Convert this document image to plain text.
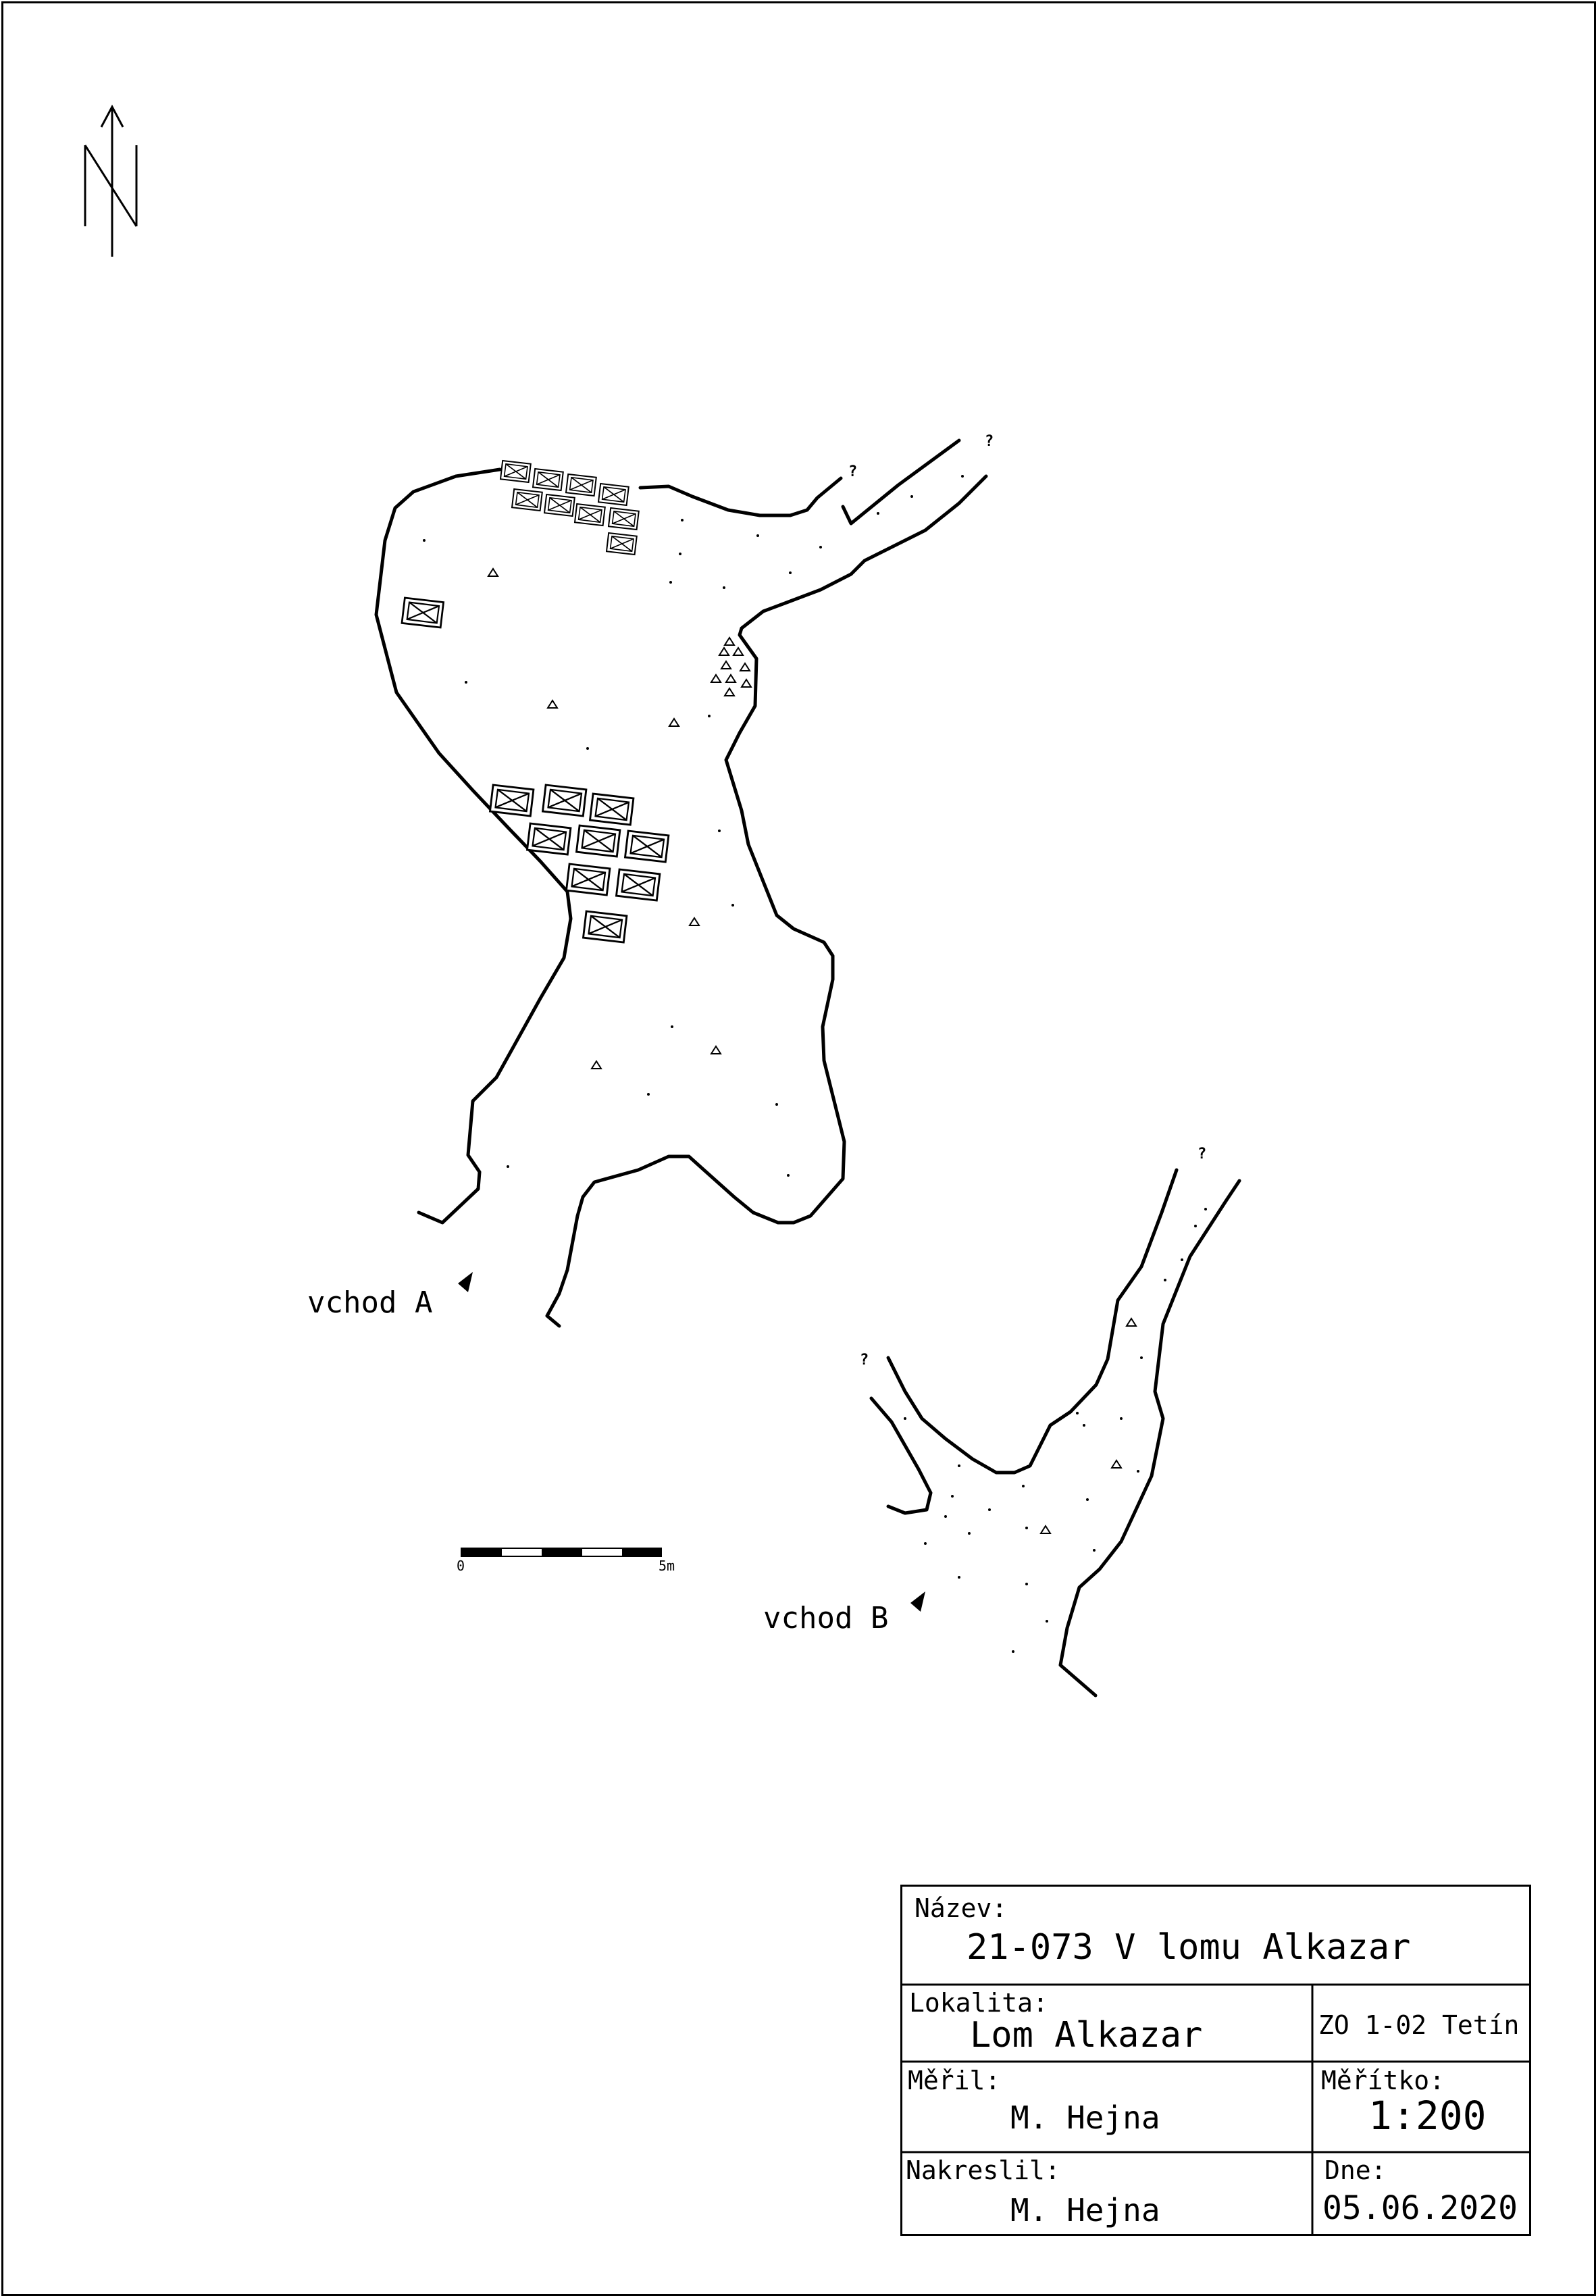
?
?
?
?
vchod A
vchod B
0	5m
Název:
21-073 V lomu Alkazar
Lokalita:
Lom Alkazar	ZO 1-02 Tetín
Měřil:
M. Hejna
Měřítko:
1:200
Nakreslil:
M. Hejna
Dne:
05.06.2020
